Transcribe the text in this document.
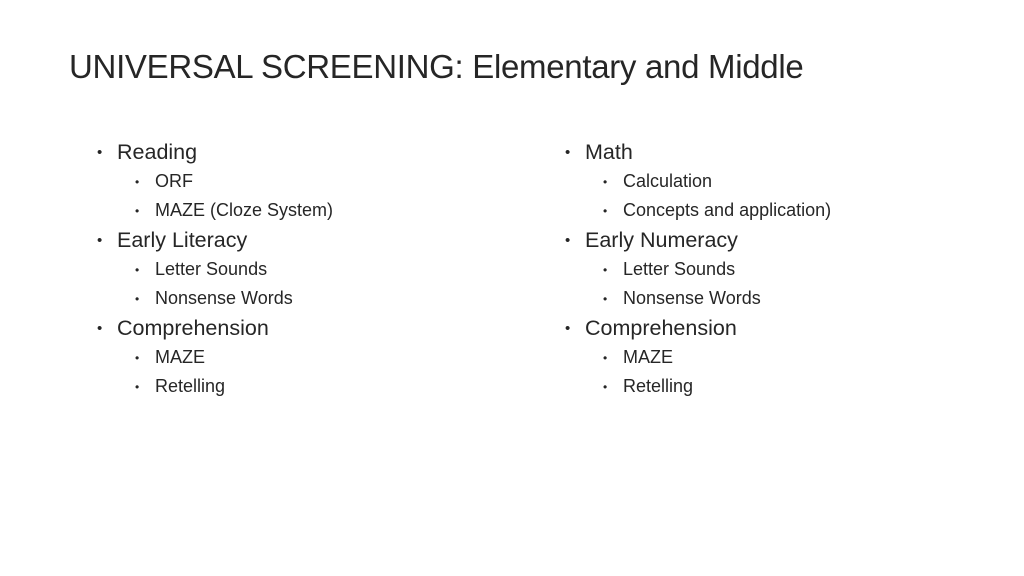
UNIVERSAL SCREENING: Elementary and Middle
• Reading
• ORF
• MAZE (Cloze System)
• Early Literacy
• Letter Sounds
• Nonsense Words
• Comprehension
• MAZE
• Retelling
• Math
• Calculation
• Concepts and application)
• Early Numeracy
• Letter Sounds
• Nonsense Words
• Comprehension
• MAZE
• Retelling
